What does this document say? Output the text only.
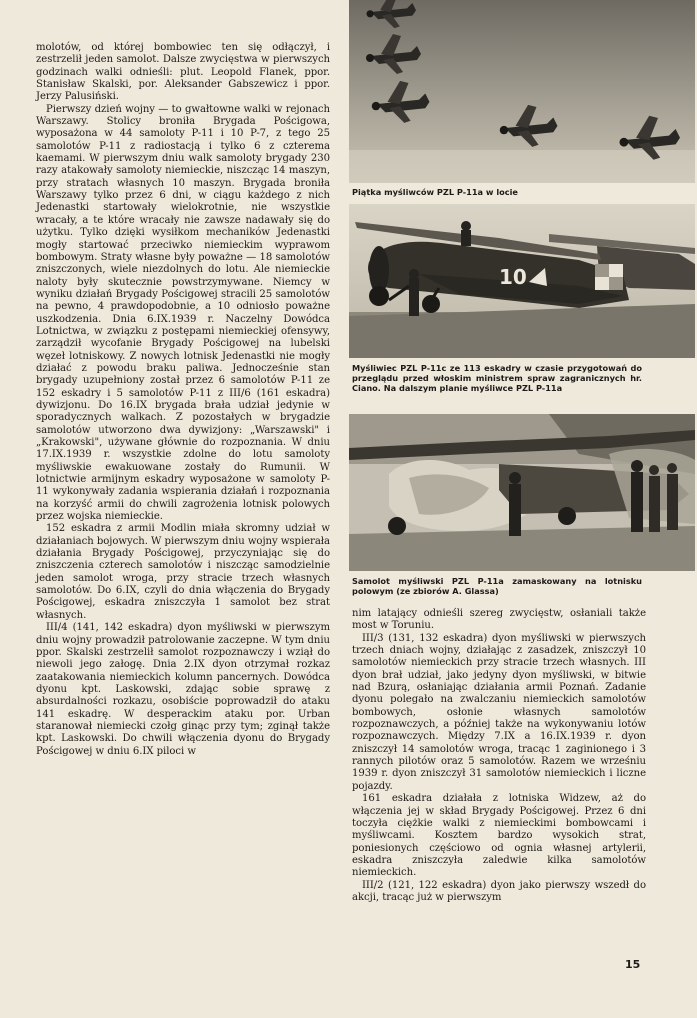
molotów, od której bombowiec ten się odłączył, i zestrzelił jeden samolot. Dalsze zwycięstwa w pierwszych godzinach walki odnieśli: plut. Leopold Flanek, ppor. Stanisław Skalski, por. Aleksander Gabszewicz i ppor. Jerzy Palusiński.

Pierwszy dzień wojny — to gwałtowne walki w rejonach Warszawy. Stolicy broniła Brygada Pościgowa, wyposażona w 44 samoloty P-11 i 10 P-7, z tego 25 samolotów P-11 z radiostacją i tylko 6 z czterema kaemami. W pierwszym dniu walk samoloty brygady 230 razy atakowały samoloty niemieckie, niszcząc 14 maszyn, przy stratach własnych 10 maszyn. Brygada broniła Warszawy tylko przez 6 dni, w ciągu każdego z nich Jedenastki startowały wielokrotnie, nie wszystkie wracały, a te które wracały nie zawsze nadawały się do użytku. Tylko dzięki wysiłkom mechaników Jedenastki mogły startować przeciwko niemieckim wyprawom bombowym. Straty własne były poważne — 18 samolotów zniszczonych, wiele niezdolnych do lotu. Ale niemieckie naloty były skutecznie powstrzymywane. Niemcy w wyniku działań Brygady Pościgowej stracili 25 samolotów na pewno, 4 prawdopodobnie, a 10 odniosło poważne uszkodzenia. Dnia 6.IX.1939 r. Naczelny Dowódca Lotnictwa, w związku z postępami niemieckiej ofensywy, zarządził wycofanie Brygady Pościgowej na lubelski węzeł lotniskowy. Z nowych lotnisk Jedenastki nie mogły działać z powodu braku paliwa. Jednocześnie stan brygady uzupełniony został przez 6 samolotów P-11 ze 152 eskadry i 5 samolotów P-11 z III/6 (161 eskadra) dywizjonu. Do 16.IX brygada brała udział jedynie w sporadycznych walkach. Z pozostałych w brygadzie samolotów utworzono dwa dywizjony: „Warszawski" i „Krakowski", używane głównie do rozpoznania. W dniu 17.IX.1939 r. wszystkie zdolne do lotu samoloty myśliwskie ewakuowane zostały do Rumunii. W lotnictwie armijnym eskadry wyposażone w samoloty P-11 wykonywały zadania wspierania działań i rozpoznania na korzyść armii do chwili zagrożenia lotnisk polowych przez wojska niemieckie.

152 eskadra z armii Modlin miała skromny udział w działaniach bojowych. W pierwszym dniu wojny wspierała działania Brygady Pościgowej, przyczyniając się do zniszczenia czterech samolotów i niszcząc samodzielnie jeden samolot wroga, przy stracie trzech własnych samolotów. Do 6.IX, czyli do dnia włączenia do Brygady Pościgowej, eskadra zniszczyła 1 samolot bez strat własnych.

III/4 (141, 142 eskadra) dyon myśliwski w pierwszym dniu wojny prowadził patrolowanie zaczepne. W tym dniu ppor. Skalski zestrzelił samolot rozpoznawczy i wziął do niewoli jego załogę. Dnia 2.IX dyon otrzymał rozkaz zaatakowania niemieckich kolumn pancernych. Dowódca dyonu kpt. Laskowski, zdając sobie sprawę z absurdalności rozkazu, osobiście poprowadził do ataku 141 eskadrę. W desperackim ataku por. Urban staranował niemiecki czołg ginąc przy tym; zginął także kpt. Laskowski. Do chwili włączenia dyonu do Brygady Pościgowej w dniu 6.IX piloci w

Piątka myśliwców PZL P-11a w locie
10
Myśliwiec PZL P-11c ze 113 eskadry w czasie przygotowań do przeglądu przed włoskim ministrem spraw zagranicznych hr. Ciano. Na dalszym planie myśliwce PZL P-11a
Samolot myśliwski PZL P-11a zamaskowany na lotnisku polowym (ze zbiorów A. Glassa)

nim latający odnieśli szereg zwycięstw, osłaniali także most w Toruniu.

III/3 (131, 132 eskadra) dyon myśliwski w pierwszych trzech dniach wojny, działając z zasadzek, zniszczył 10 samolotów niemieckich przy stracie trzech własnych. III dyon brał udział, jako jedyny dyon myśliwski, w bitwie nad Bzurą, osłaniając działania armii Poznań. Zadanie dyonu polegało na zwalczaniu niemieckich samolotów bombowych, osłonie własnych samolotów rozpoznawczych, a później także na wykonywaniu lotów rozpoznawczych. Między 7.IX a 16.IX.1939 r. dyon zniszczył 14 samolotów wroga, tracąc 1 zaginionego i 3 rannych pilotów oraz 5 samolotów. Razem we wrześniu 1939 r. dyon zniszczył 31 samolotów niemieckich i liczne pojazdy.

161 eskadra działała z lotniska Widzew, aż do włączenia jej w skład Brygady Pościgowej. Przez 6 dni toczyła ciężkie walki z niemieckimi bombowcami i myśliwcami. Kosztem bardzo wysokich strat, poniesionych częściowo od ognia własnej artylerii, eskadra zniszczyła zaledwie kilka samolotów niemieckich.

III/2 (121, 122 eskadra) dyon jako pierwszy wszedł do akcji, tracąc już w pierwszym

15
